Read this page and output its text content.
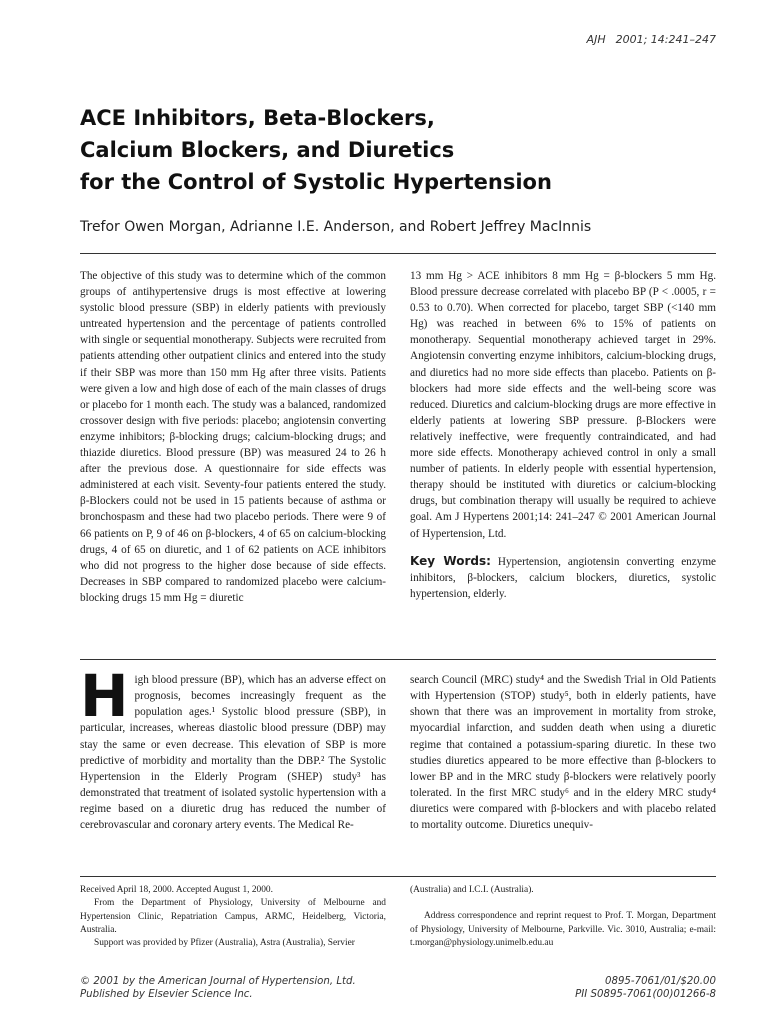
AJH 2001; 14:241–247
ACE Inhibitors, Beta-Blockers,
Calcium Blockers, and Diuretics
for the Control of Systolic Hypertension

Trefor Owen Morgan, Adrianne I.E. Anderson, and Robert Jeffrey MacInnis

The objective of this study was to determine which of the common groups of antihypertensive drugs is most effective at lowering systolic blood pressure (SBP) in elderly patients with previously untreated hypertension and the percentage of patients controlled with single or sequential monotherapy. Subjects were recruited from patients attending other outpatient clinics and entered into the study if their SBP was more than 150 mm Hg after three visits. Patients were given a low and high dose of each of the main classes of drugs or placebo for 1 month each. The study was a balanced, randomized crossover design with five periods: placebo; angiotensin converting enzyme inhibitors; β-blocking drugs; calcium-blocking drugs; and thiazide diuretics. Blood pressure (BP) was measured 24 to 26 h after the previous dose. A questionnaire for side effects was administered at each visit. Seventy-four patients entered the study. β-Blockers could not be used in 15 patients because of asthma or bronchospasm and these had two placebo periods. There were 9 of 66 patients on P, 9 of 46 on β-blockers, 4 of 65 on calcium-blocking drugs, 4 of 65 on diuretic, and 1 of 62 patients on ACE inhibitors who did not progress to the higher dose because of side effects. Decreases in SBP compared to randomized placebo were calcium-blocking drugs 15 mm Hg = diuretic

13 mm Hg > ACE inhibitors 8 mm Hg = β-blockers 5 mm Hg. Blood pressure decrease correlated with placebo BP (P < .0005, r = 0.53 to 0.70). When corrected for placebo, target SBP (<140 mm Hg) was reached in between 6% to 15% of patients on monotherapy. Sequential monotherapy achieved target in 29%. Angiotensin converting enzyme inhibitors, calcium-blocking drugs, and diuretics had no more side effects than placebo. Patients on β-blockers had more side effects and the well-being score was reduced. Diuretics and calcium-blocking drugs are more effective in elderly patients at lowering SBP pressure. β-Blockers were relatively ineffective, were frequently contraindicated, and had more side effects. Monotherapy achieved control in only a small number of patients. In elderly people with essential hypertension, therapy should be instituted with diuretics or calcium-blocking drugs, but combination therapy will usually be required to achieve goal. Am J Hypertens 2001;14: 241–247 © 2001 American Journal of Hypertension, Ltd.

Key Words: Hypertension, angiotensin converting enzyme inhibitors, β-blockers, calcium blockers, diuretics, systolic hypertension, elderly.

High blood pressure (BP), which has an adverse effect on prognosis, becomes increasingly frequent as the population ages.¹ Systolic blood pressure (SBP), in particular, increases, whereas diastolic blood pressure (DBP) may stay the same or even decrease. This elevation of SBP is more predictive of morbidity and mortality than the DBP.² The Systolic Hypertension in the Elderly Program (SHEP) study³ has demonstrated that treatment of isolated systolic hypertension with a regime based on a diuretic drug has reduced the number of cerebrovascular and coronary artery events. The Medical Re-

search Council (MRC) study⁴ and the Swedish Trial in Old Patients with Hypertension (STOP) study⁵, both in elderly patients, have shown that there was an improvement in mortality from stroke, myocardial infarction, and sudden death when using a diuretic regime that contained a potassium-sparing diuretic. In these two studies diuretics appeared to be more effective than β-blockers to lower BP and in the MRC study β-blockers were relatively poorly tolerated. In the first MRC study⁶ and in the eldery MRC study⁴ diuretics were compared with β-blockers and with placebo related to mortality outcome. Diuretics unequiv-

Received April 18, 2000. Accepted August 1, 2000.

From the Department of Physiology, University of Melbourne and Hypertension Clinic, Repatriation Campus, ARMC, Heidelberg, Victoria, Australia.

Support was provided by Pfizer (Australia), Astra (Australia), Servier

(Australia) and I.C.I. (Australia).

Address correspondence and reprint request to Prof. T. Morgan, Department of Physiology, University of Melbourne, Parkville. Vic. 3010, Australia; e-mail: t.morgan@physiology.unimelb.edu.au

© 2001 by the American Journal of Hypertension, Ltd.
Published by Elsevier Science Inc.
0895-7061/01/$20.00
PII S0895-7061(00)01266-8
